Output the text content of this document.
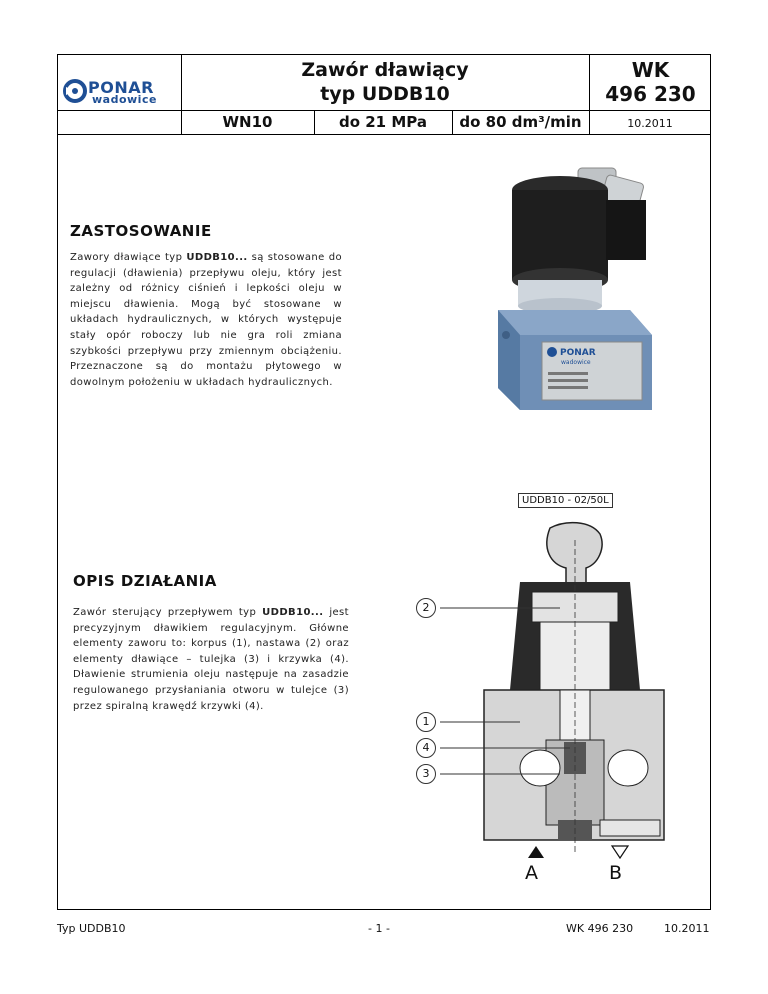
PONAR
wadowice
Zawór dławiący
typ UDDB10
WK
496 230
WN10	do 21 MPa	do 80 dm³/min	10.2011
ZASTOSOWANIE
Zawory dławiące typ UDDB10... są stosowane do regulacji (dławienia) przepływu oleju, który jest zależny od różnicy ciśnień i lepkości oleju w miejscu dławienia. Mogą być stosowane w układach hydraulicznych, w których występuje stały opór roboczy lub nie gra roli zmiana szybkości przepływu przy zmiennym obciążeniu. Przeznaczone są do montażu płytowego w dowolnym położeniu w układach hydraulicznych.
PONAR
wadowice
UDDB10 - 02/50L
OPIS DZIAŁANIA
Zawór sterujący przepływem typ UDDB10... jest precyzyjnym dławikiem regulacyjnym. Główne elementy zaworu to: korpus (1), nastawa (2) oraz elementy dławiące – tulejka (3) i krzywka (4). Dławienie strumienia oleju następuje na zasadzie regulowanego przysłaniania otworu w tulejce (3) przez spiralną krawędź krzywki (4).
2
1
4
3
A	B
Typ UDDB10	- 1 -	WK 496 230	10.2011
